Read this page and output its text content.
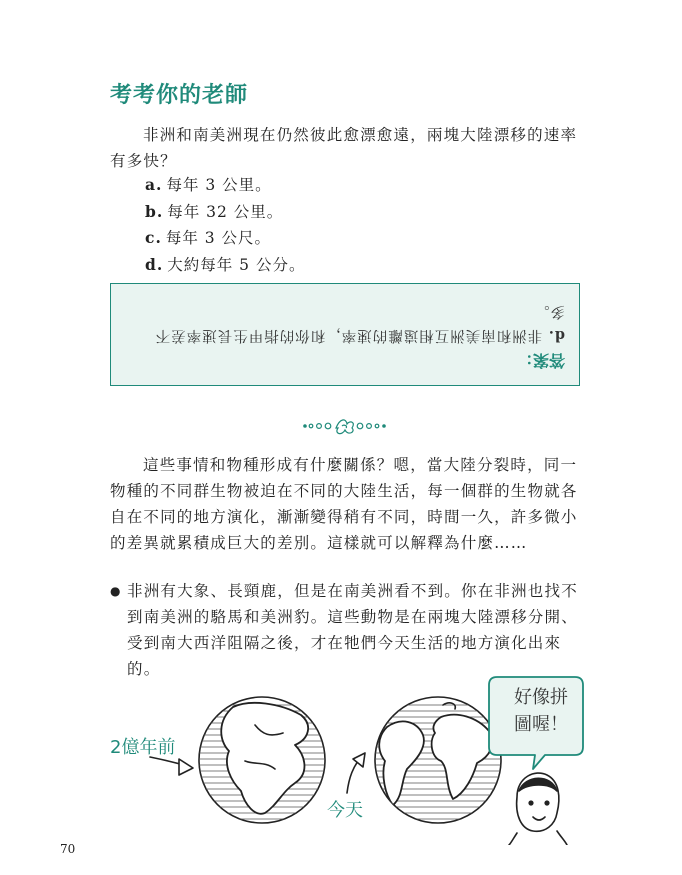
考考你的老師
非洲和南美洲現在仍然彼此愈漂愈遠，兩塊大陸漂移的速率有多快？
a. 每年 3 公里。
b. 每年 32 公里。
c. 每年 3 公尺。
d. 大約每年 5 公分。
答案：
d. 非洲和南美洲互相遠離的速率，和你的指甲生長速率差不多。
這些事情和物種形成有什麼關係？嗯，當大陸分裂時，同一物種的不同群生物被迫在不同的大陸生活，每一個群的生物就各自在不同的地方演化，漸漸變得稍有不同，時間一久，許多微小的差異就累積成巨大的差別。這樣就可以解釋為什麼……
● 非洲有大象、長頸鹿，但是在南美洲看不到。你在非洲也找不到南美洲的駱馬和美洲豹。這些動物是在兩塊大陸漂移分開、受到南大西洋阻隔之後，才在牠們今天生活的地方演化出來的。
2億年前
今天
好像拼圖喔！
70
